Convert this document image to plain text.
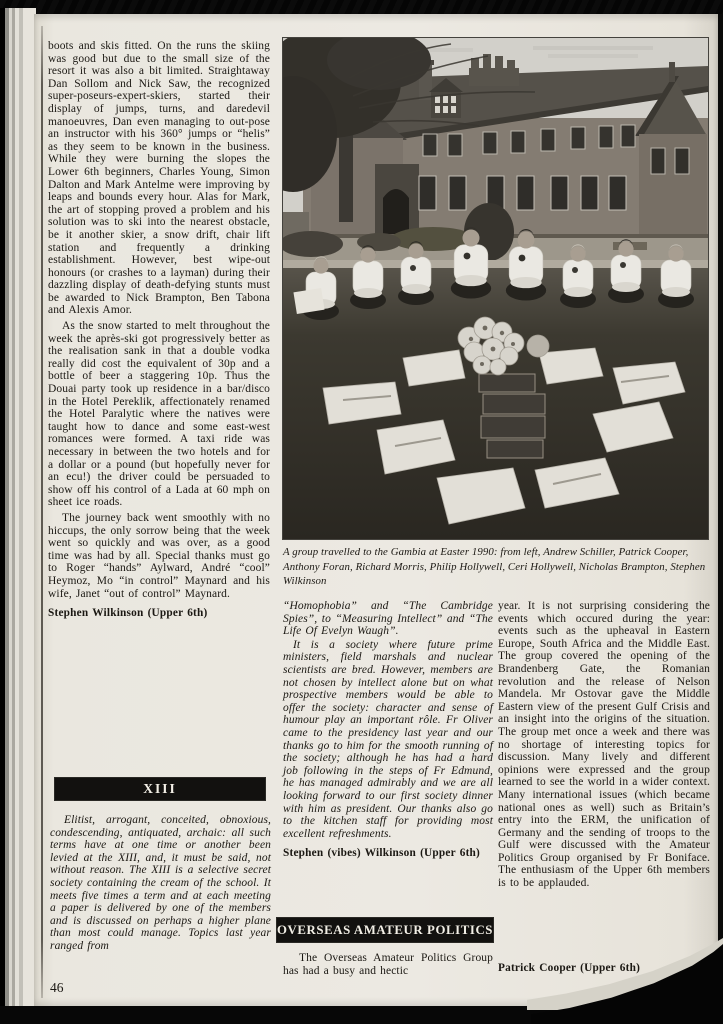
boots and skis fitted. On the runs the skiing was good but due to the small size of the resort it was also a bit limited. Straightaway Dan Sollom and Nick Saw, the recognized super-poseurs-expert-skiers, started their display of jumps, turns, and daredevil manoeuvres, Dan even managing to out-pose an instructor with his 360° jumps or “helis” as they seem to be known in the business. While they were burning the slopes the Lower 6th beginners, Charles Young, Simon Dalton and Mark Antelme were improving by leaps and bounds every hour. Alas for Mark, the art of stopping proved a problem and his solution was to ski into the nearest obstacle, be it another skier, a snow drift, chair lift station and frequently a drinking establishment. However, best wipe-out honours (or crashes to a layman) during their dazzling display of death-defying stunts must be awarded to Nick Brampton, Ben Tabona and Alexis Amor.

As the snow started to melt throughout the week the après-ski got progressively better as the realisation sank in that a double vodka really did cost the equivalent of 30p and a bottle of beer a staggering 10p. Thus the Douai party took up residence in a bar/disco in the Hotel Pereklik, affectionately renamed the Hotel Paralytic where the natives were taught how to dance and some east-west romances were formed. A taxi ride was necessary in between the two hotels and for a dollar or a pound (but hopefully never for an ecu!) the driver could be persuaded to show off his control of a Lada at 60 mph on sheet ice roads.

The journey back went smoothly with no hiccups, the only sorrow being that the week went so quickly and was over, as a good time was had by all. Special thanks must go to Roger “hands” Aylward, André “cool” Heymoz, Mo “in control” Maynard and his wife, Janet “out of control” Maynard.

Stephen Wilkinson (Upper 6th)
XIII

Elitist, arrogant, conceited, obnoxious, condescending, antiquated, archaic: all such terms have at one time or another been levied at the XIII, and, it must be said, not without reason. The XIII is a selective secret society containing the cream of the school. It meets five times a term and at each meeting a paper is delivered by one of the members and is discussed on perhaps a higher plane than most could manage. Topics last year ranged from

46
A group travelled to the Gambia at Easter 1990: from left, Andrew Schiller, Patrick Cooper, Anthony Foran, Richard Morris, Philip Hollywell, Ceri Hollywell, Nicholas Brampton, Stephen Wilkinson

“Homophobia” and “The Cambridge Spies”, to “Measuring Intellect” and “The Life Of Evelyn Waugh”.

It is a society where future prime ministers, field marshals and nuclear scientists are bred. However, members are not chosen by intellect alone but on what prospective members would be able to offer the society: character and sense of humour play an important rôle. Fr Oliver came to the presidency last year and our thanks go to him for the smooth running of the society; although he has had a hard job following in the steps of Fr Edmund, he has managed admirably and we are all looking forward to our first society dinner with him as president. Our thanks also go to the kitchen staff for providing most excellent refreshments.

Stephen (vibes) Wilkinson (Upper 6th)
OVERSEAS AMATEUR POLITICS

The Overseas Amateur Politics Group has had a busy and hectic

year. It is not surprising considering the events which occured during the year: events such as the upheaval in Eastern Europe, South Africa and the Middle East. The group covered the opening of the Brandenberg Gate, the Romanian revolution and the release of Nelson Mandela. Mr Ostovar gave the Middle Eastern view of the present Gulf Crisis and an insight into the origins of the situation. The group met once a week and there was no shortage of interesting topics for discussion. Many lively and different opinions were expressed and the group learned to see the world in a wider context. Many international issues (which became national ones as well) such as Britain’s entry into the ERM, the unification of Germany and the sending of troops to the Gulf were discussed with the Amateur Politics Group organised by Fr Boniface. The enthusiasm of the Upper 6th members is to be applauded.

Patrick Cooper (Upper 6th)
